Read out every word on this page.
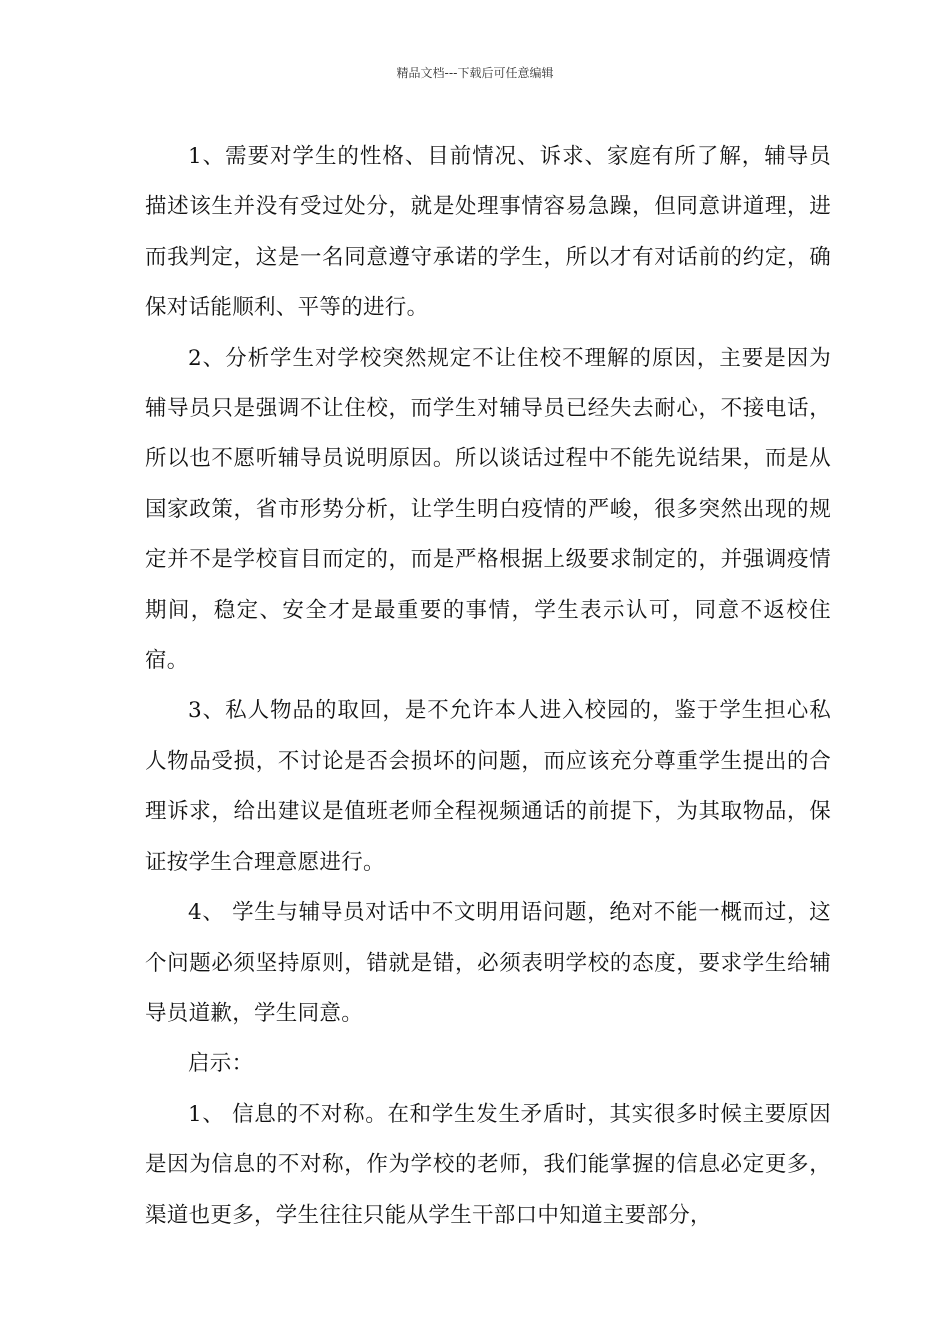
精品文档---下载后可任意编辑

1、需要对学生的性格、目前情况、诉求、家庭有所了解，辅导员描述该生并没有受过处分，就是处理事情容易急躁，但同意讲道理，进而我判定，这是一名同意遵守承诺的学生，所以才有对话前的约定，确保对话能顺利、平等的进行。

2、分析学生对学校突然规定不让住校不理解的原因，主要是因为辅导员只是强调不让住校，而学生对辅导员已经失去耐心，不接电话，所以也不愿听辅导员说明原因。所以谈话过程中不能先说结果，而是从国家政策，省市形势分析，让学生明白疫情的严峻，很多突然出现的规定并不是学校盲目而定的，而是严格根据上级要求制定的，并强调疫情期间，稳定、安全才是最重要的事情，学生表示认可，同意不返校住宿。

3、私人物品的取回，是不允许本人进入校园的，鉴于学生担心私人物品受损，不讨论是否会损坏的问题，而应该充分尊重学生提出的合理诉求，给出建议是值班老师全程视频通话的前提下，为其取物品，保证按学生合理意愿进行。

4、 学生与辅导员对话中不文明用语问题，绝对不能一概而过，这个问题必须坚持原则，错就是错，必须表明学校的态度，要求学生给辅导员道歉，学生同意。

启示：

1、 信息的不对称。在和学生发生矛盾时，其实很多时候主要原因是因为信息的不对称，作为学校的老师，我们能掌握的信息必定更多，渠道也更多，学生往往只能从学生干部口中知道主要部分，
